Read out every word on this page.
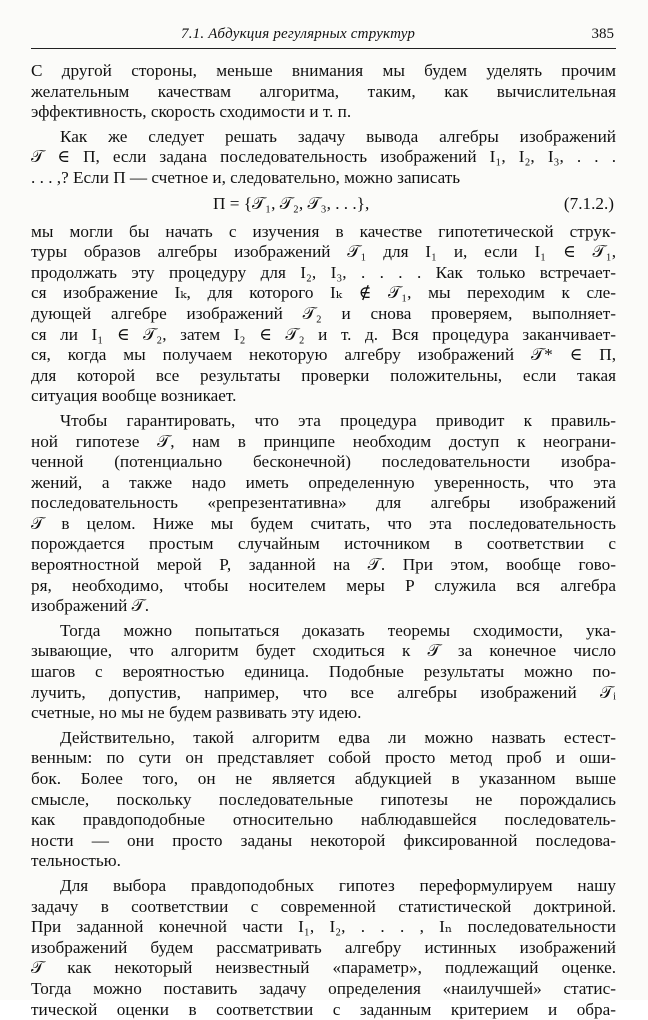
7.1. Абдукция регулярных структур	385
С другой стороны, меньше внимания мы будем уделять прочим
желательным качествам алгоритма, таким, как вычислительная
эффективность, скорость сходимости и т. п.
Как же следует решать задачу вывода алгебры изображений
𝒯 ∈ П, если задана последовательность изображений I₁, I₂, I₃, . . .
. . . ,? Если П — счетное и, следовательно, можно записать
П = {𝒯₁, 𝒯₂, 𝒯₃, . . .},	(7.1.2.)
мы могли бы начать с изучения в качестве гипотетической струк-
туры образов алгебры изображений 𝒯₁ для I₁ и, если I₁ ∈ 𝒯₁,
продолжать эту процедуру для I₂, I₃, . . . . Как только встречает-
ся изображение Iₖ, для которого Iₖ ∉ 𝒯₁, мы переходим к сле-
дующей алгебре изображений 𝒯₂ и снова проверяем, выполняет-
ся ли I₁ ∈ 𝒯₂, затем I₂ ∈ 𝒯₂ и т. д. Вся процедура заканчивает-
ся, когда мы получаем некоторую алгебру изображений 𝒯* ∈ П,
для которой все результаты проверки положительны, если такая
ситуация вообще возникает.
Чтобы гарантировать, что эта процедура приводит к правиль-
ной гипотезе 𝒯, нам в принципе необходим доступ к неограни-
ченной (потенциально бесконечной) последовательности изобра-
жений, а также надо иметь определенную уверенность, что эта
последовательность «репрезентативна» для алгебры изображений
𝒯 в целом. Ниже мы будем считать, что эта последовательность
порождается простым случайным источником в соответствии с
вероятностной мерой P, заданной на 𝒯. При этом, вообще гово-
ря, необходимо, чтобы носителем меры P служила вся алгебра
изображений 𝒯.
Тогда можно попытаться доказать теоремы сходимости, ука-
зывающие, что алгоритм будет сходиться к 𝒯 за конечное число
шагов с вероятностью единица. Подобные результаты можно по-
лучить, допустив, например, что все алгебры изображений 𝒯ᵢ
счетные, но мы не будем развивать эту идею.
Действительно, такой алгоритм едва ли можно назвать естест-
венным: по сути он представляет собой просто метод проб и оши-
бок. Более того, он не является абдукцией в указанном выше
смысле, поскольку последовательные гипотезы не порождались
как правдоподобные относительно наблюдавшейся последователь-
ности — они просто заданы некоторой фиксированной последова-
тельностью.
Для выбора правдоподобных гипотез переформулируем нашу
задачу в соответствии с современной статистической доктриной.
При заданной конечной части I₁, I₂, . . . , Iₙ последовательности
изображений будем рассматривать алгебру истинных изображений
𝒯 как некоторый неизвестный «параметр», подлежащий оценке.
Тогда можно поставить задачу определения «наилучшей» статис-
тической оценки в соответствии с заданным критерием и обра-
